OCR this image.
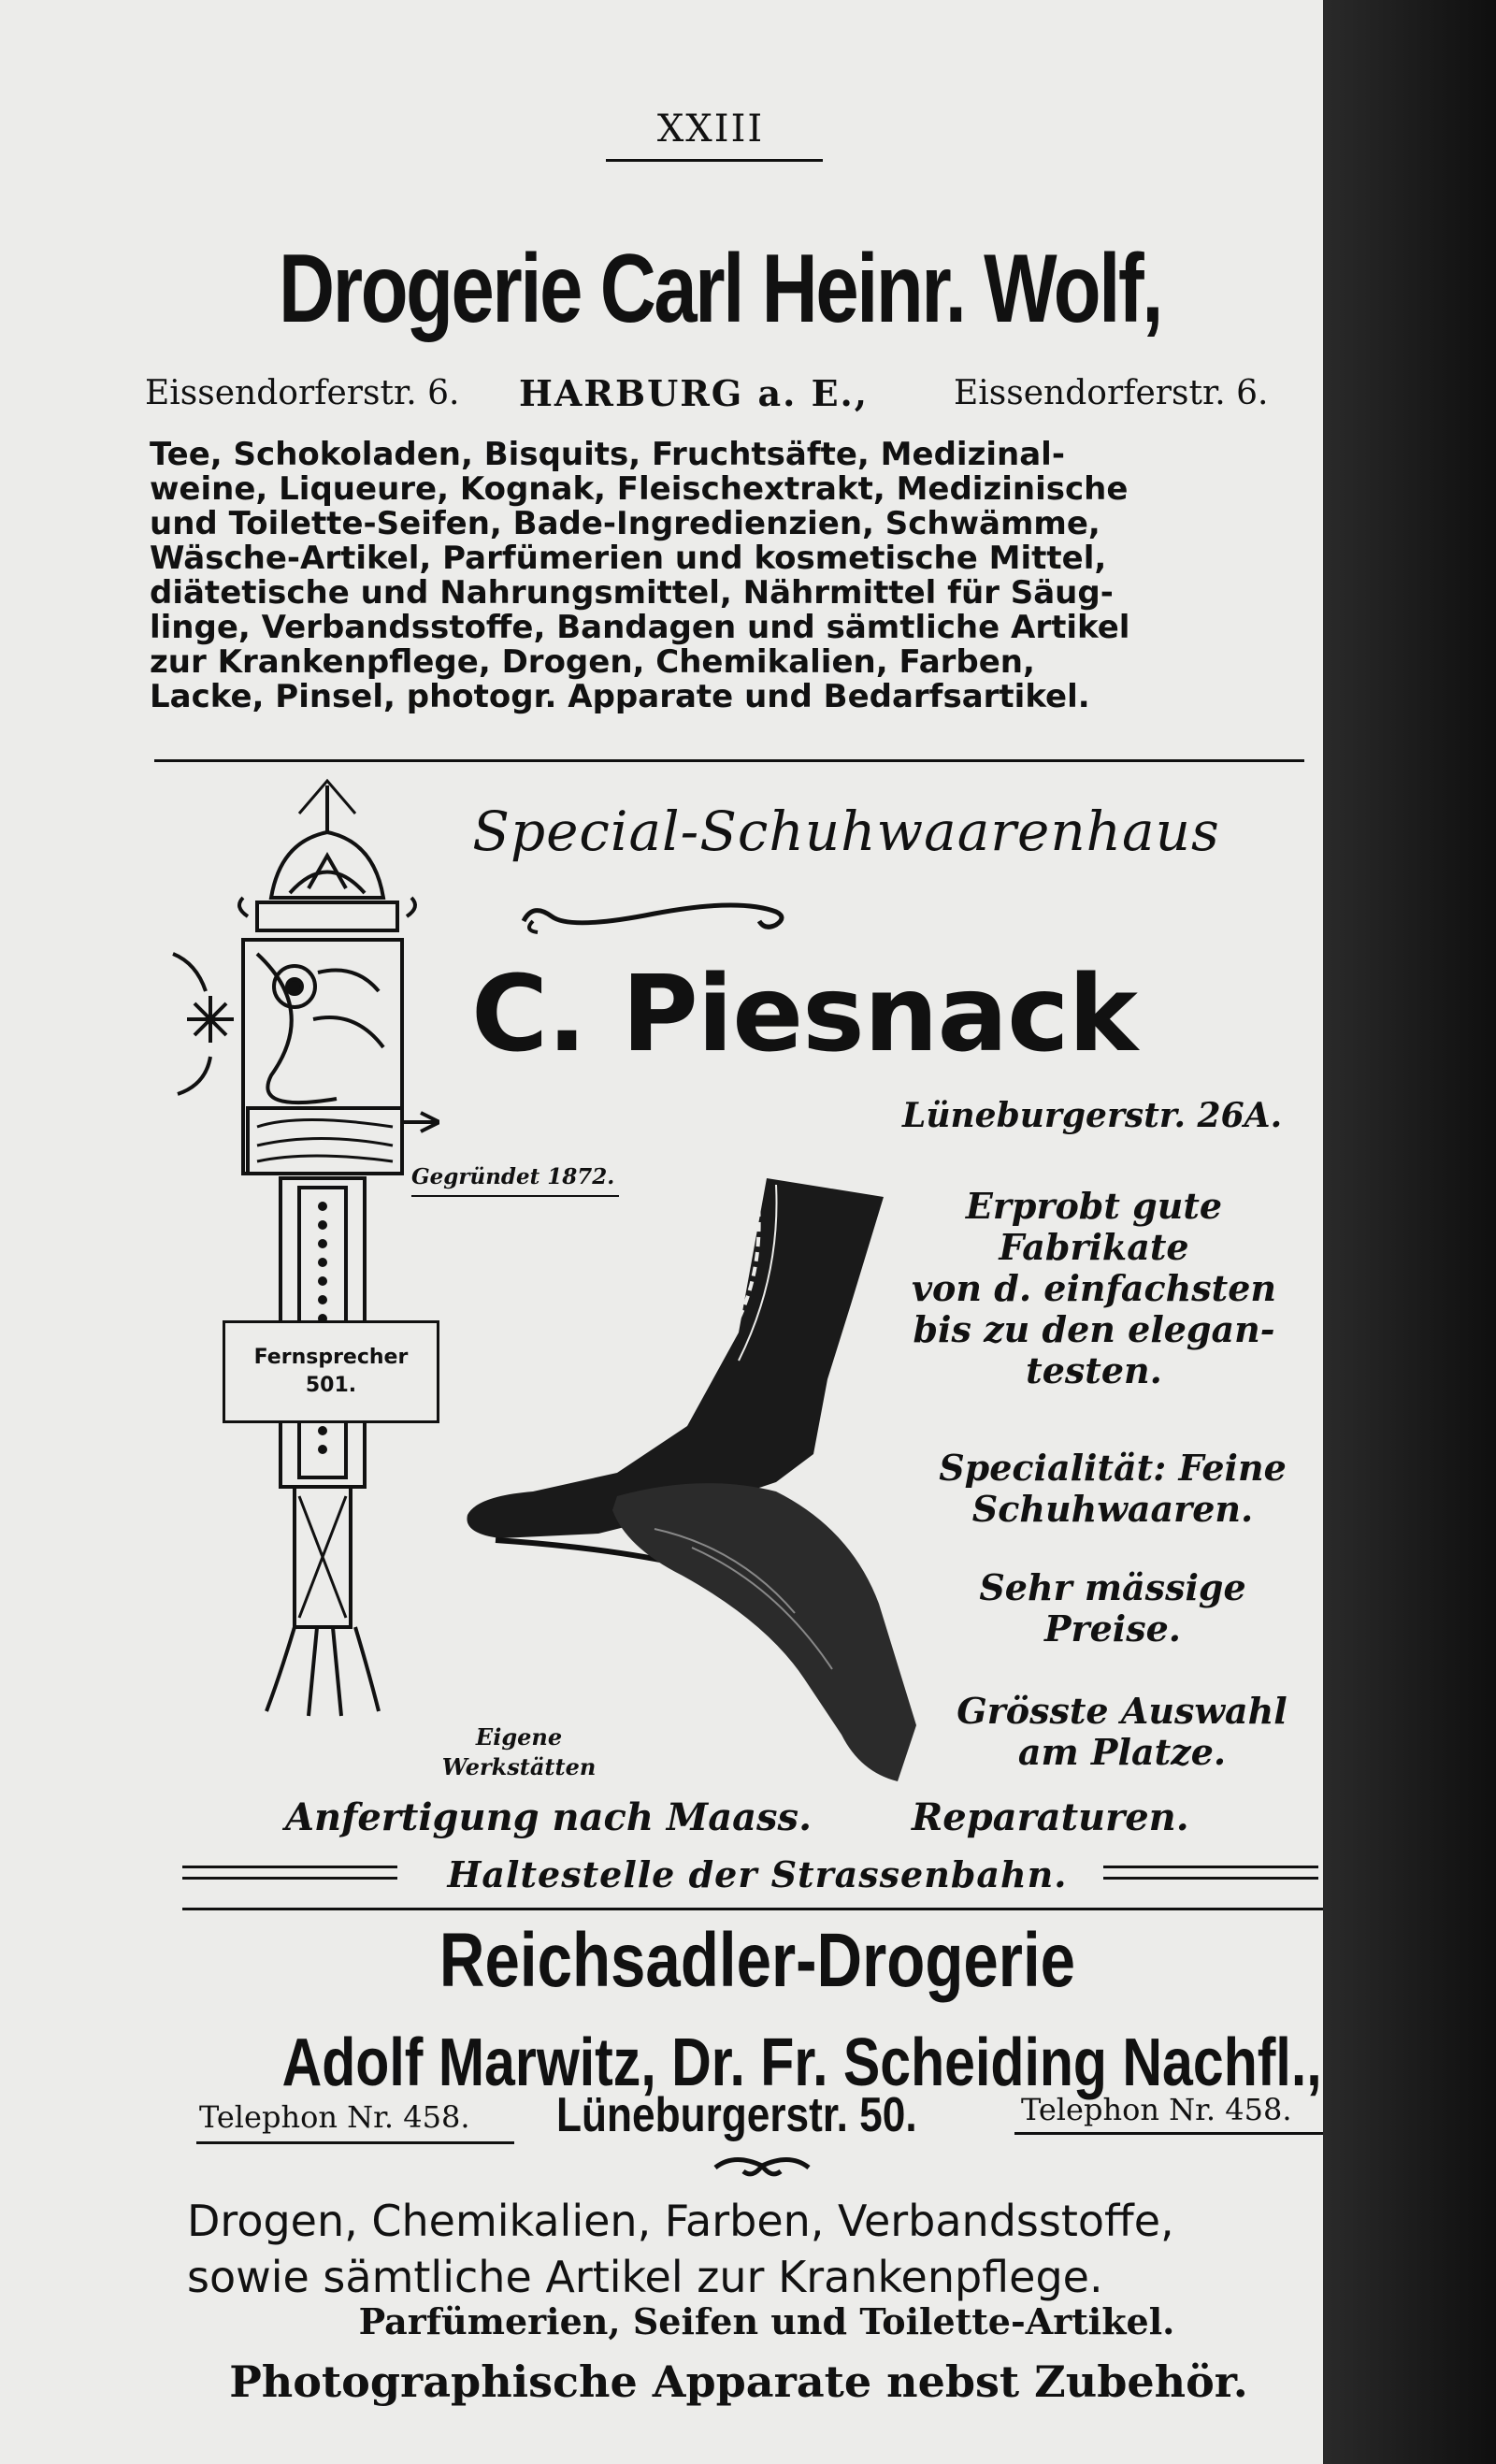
XXIII
Drogerie Carl Heinr. Wolf,
Eissendorferstr. 6. HARBURG a. E.,	Eissendorferstr. 6.
Tee, Schokoladen, Bisquits, Fruchtsäfte, Medizinal-
weine, Liqueure, Kognak, Fleischextrakt, Medizinische
und Toilette-Seifen, Bade-Ingredienzien, Schwämme,
Wäsche-Artikel, Parfümerien und kosmetische Mittel,
diätetische und Nahrungsmittel, Nährmittel für Säug-
linge, Verbandsstoffe, Bandagen und sämtliche Artikel
zur Krankenpflege, Drogen, Chemikalien, Farben,
Lacke, Pinsel, photogr. Apparate und Bedarfsartikel.
Special-Schuhwaarenhaus
C. Piesnack
Lüneburgerstr. 26A.
Gegründet 1872.
Fernsprecher
501.
Erprobt gute
Fabrikate
von d. einfachsten
bis zu den elegan-
testen.
Specialität: Feine
Schuhwaaren.
Sehr mässige
Preise.
Grösste Auswahl
am Platze.
Eigene
Werkstätten
Anfertigung nach Maass.	Reparaturen.
Haltestelle der Strassenbahn.
Reichsadler-Drogerie
Adolf Marwitz, Dr. Fr. Scheiding Nachfl.,
Telephon Nr. 458. Lüneburgerstr. 50.	Telephon Nr. 458.
Drogen, Chemikalien, Farben, Verbandsstoffe,
sowie sämtliche Artikel zur Krankenpflege.
Parfümerien, Seifen und Toilette-Artikel.
Photographische Apparate nebst Zubehör.
